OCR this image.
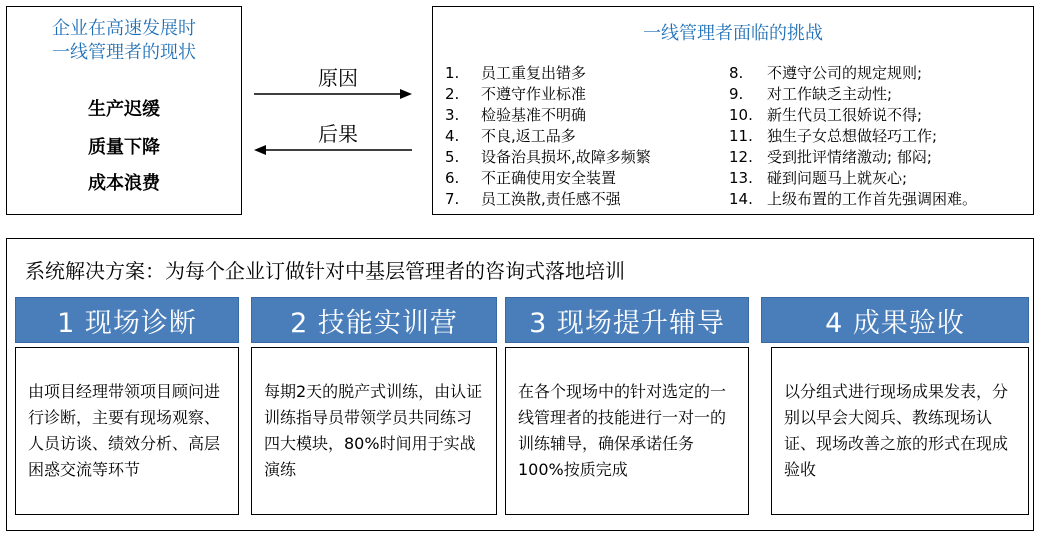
企业在高速发展时
一线管理者的现状
生产迟缓
质量下降
成本浪费
原因
后果
一线管理者面临的挑战
1. 员工重复出错多
2. 不遵守作业标准
3. 检验基准不明确
4. 不良,返工品多
5. 设备治具损坏,故障多频繁
6. 不正确使用安全装置
7. 员工涣散,责任感不强
8. 不遵守公司的规定规则;
9. 对工作缺乏主动性;
10. 新生代员工很娇说不得;
11. 独生子女总想做轻巧工作;
12. 受到批评情绪激动; 郁闷;
13. 碰到问题马上就灰心;
14. 上级布置的工作首先强调困难。
系统解决方案：为每个企业订做针对中基层管理者的咨询式落地培训
1 现场诊断	2 技能实训营	3 现场提升辅导	4 成果验收
由项目经理带领项目顾问进行诊断，主要有现场观察、人员访谈、绩效分析、高层困惑交流等环节
每期2天的脱产式训练，由认证训练指导员带领学员共同练习四大模块，80%时间用于实战演练
在各个现场中的针对选定的一线管理者的技能进行一对一的训练辅导，确保承诺任务100%按质完成
以分组式进行现场成果发表，分别以早会大阅兵、教练现场认证、现场改善之旅的形式在现成验收
